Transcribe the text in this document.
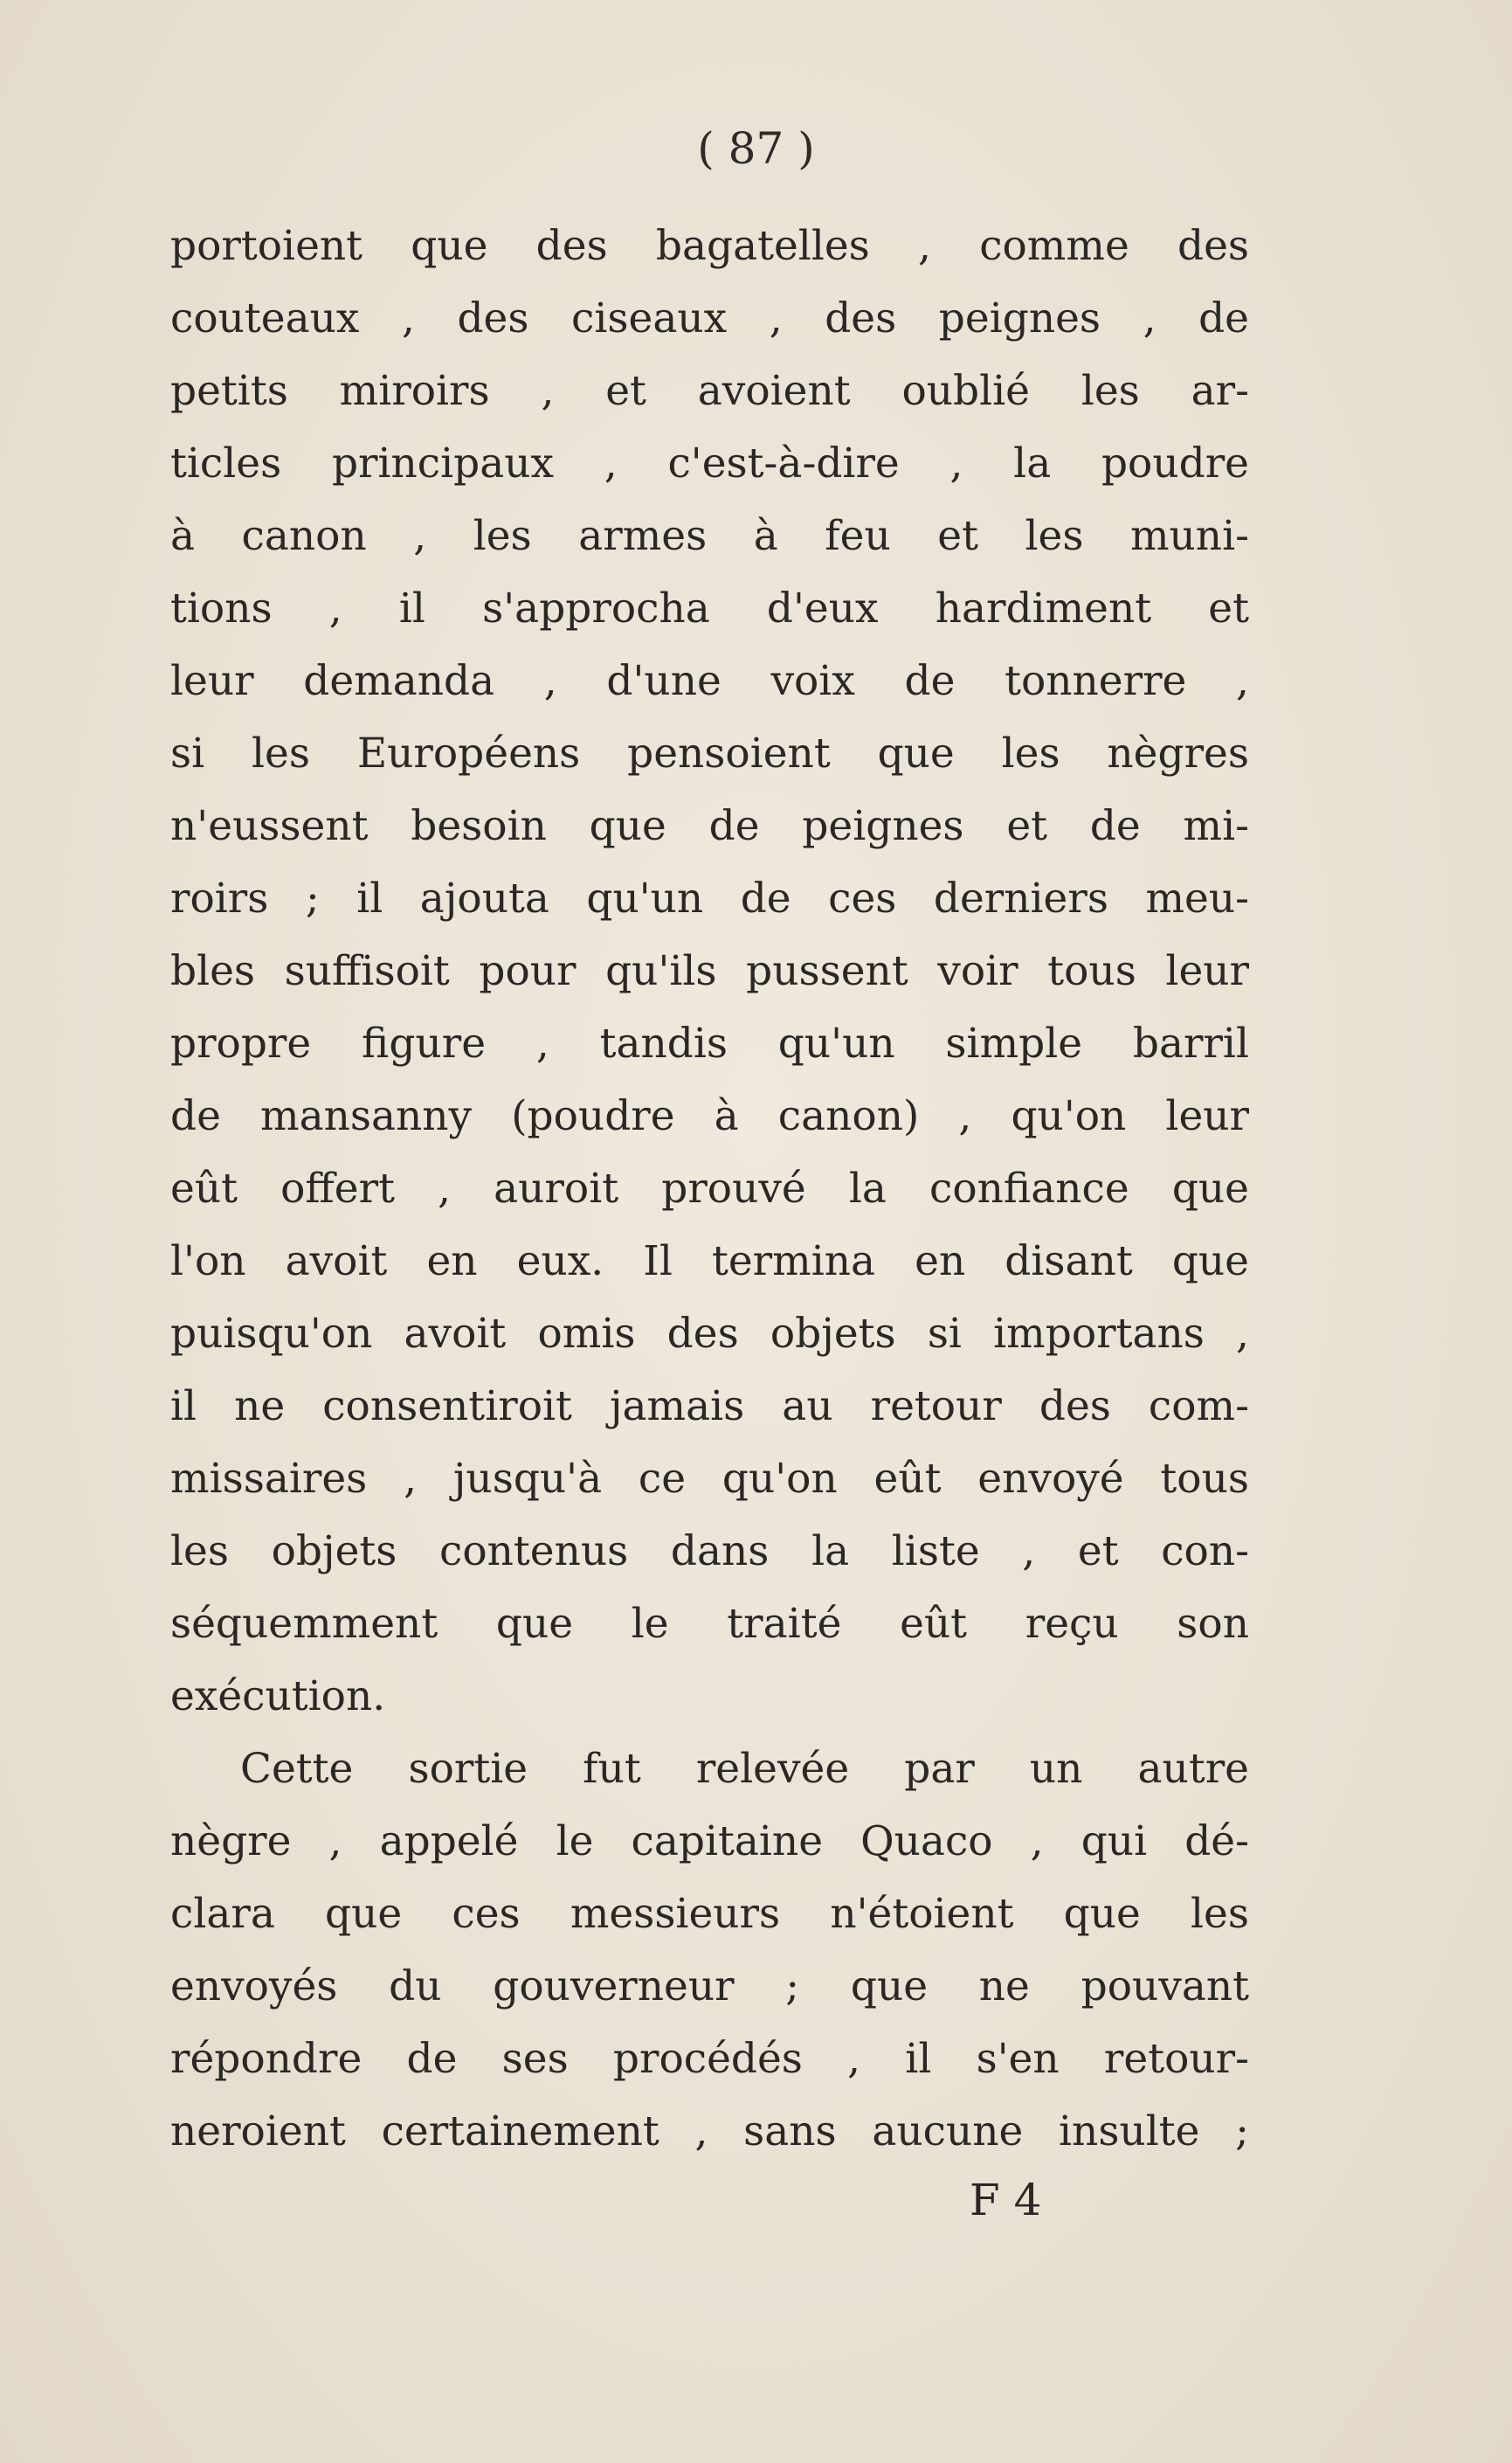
( 87 )
portoient que des bagatelles , comme des
couteaux , des ciseaux , des peignes , de
petits miroirs , et avoient oublié les ar-
ticles principaux , c'est-à-dire , la poudre
à canon , les armes à feu et les muni-
tions , il s'approcha d'eux hardiment et
leur demanda , d'une voix de tonnerre ,
si les Européens pensoient que les nègres
n'eussent besoin que de peignes et de mi-
roirs ; il ajouta qu'un de ces derniers meu-
bles suffisoit pour qu'ils pussent voir tous leur
propre figure , tandis qu'un simple barril
de mansanny (poudre à canon) , qu'on leur
eût offert , auroit prouvé la confiance que
l'on avoit en eux. Il termina en disant que
puisqu'on avoit omis des objets si importans ,
il ne consentiroit jamais au retour des com-
missaires , jusqu'à ce qu'on eût envoyé tous
les objets contenus dans la liste , et con-
séquemment que le traité eût reçu son
exécution.
Cette sortie fut relevée par un autre
nègre , appelé le capitaine Quaco , qui dé-
clara que ces messieurs n'étoient que les
envoyés du gouverneur ; que ne pouvant
répondre de ses procédés , il s'en retour-
neroient certainement , sans aucune insulte ;
F 4
